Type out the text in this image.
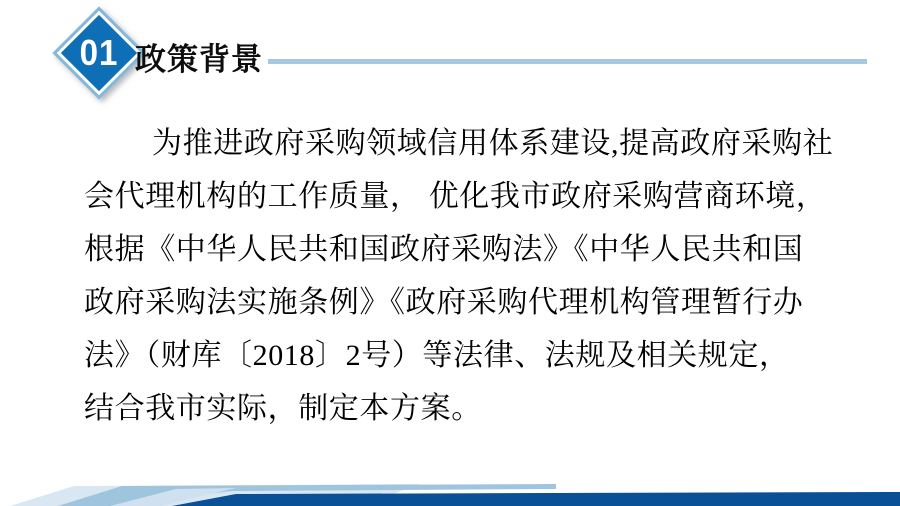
01 政策背景

为推进政府采购领域信用体系建设,提高政府采购社

会代理机构的工作质量， 优化我市政府采购营商环境，

根据《中华人民共和国政府采购法》《中华人民共和国

政府采购法实施条例》《政府采购代理机构管理暂行办

法》（财库〔2018〕2号）等法律、法规及相关规定，

结合我市实际，制定本方案。
